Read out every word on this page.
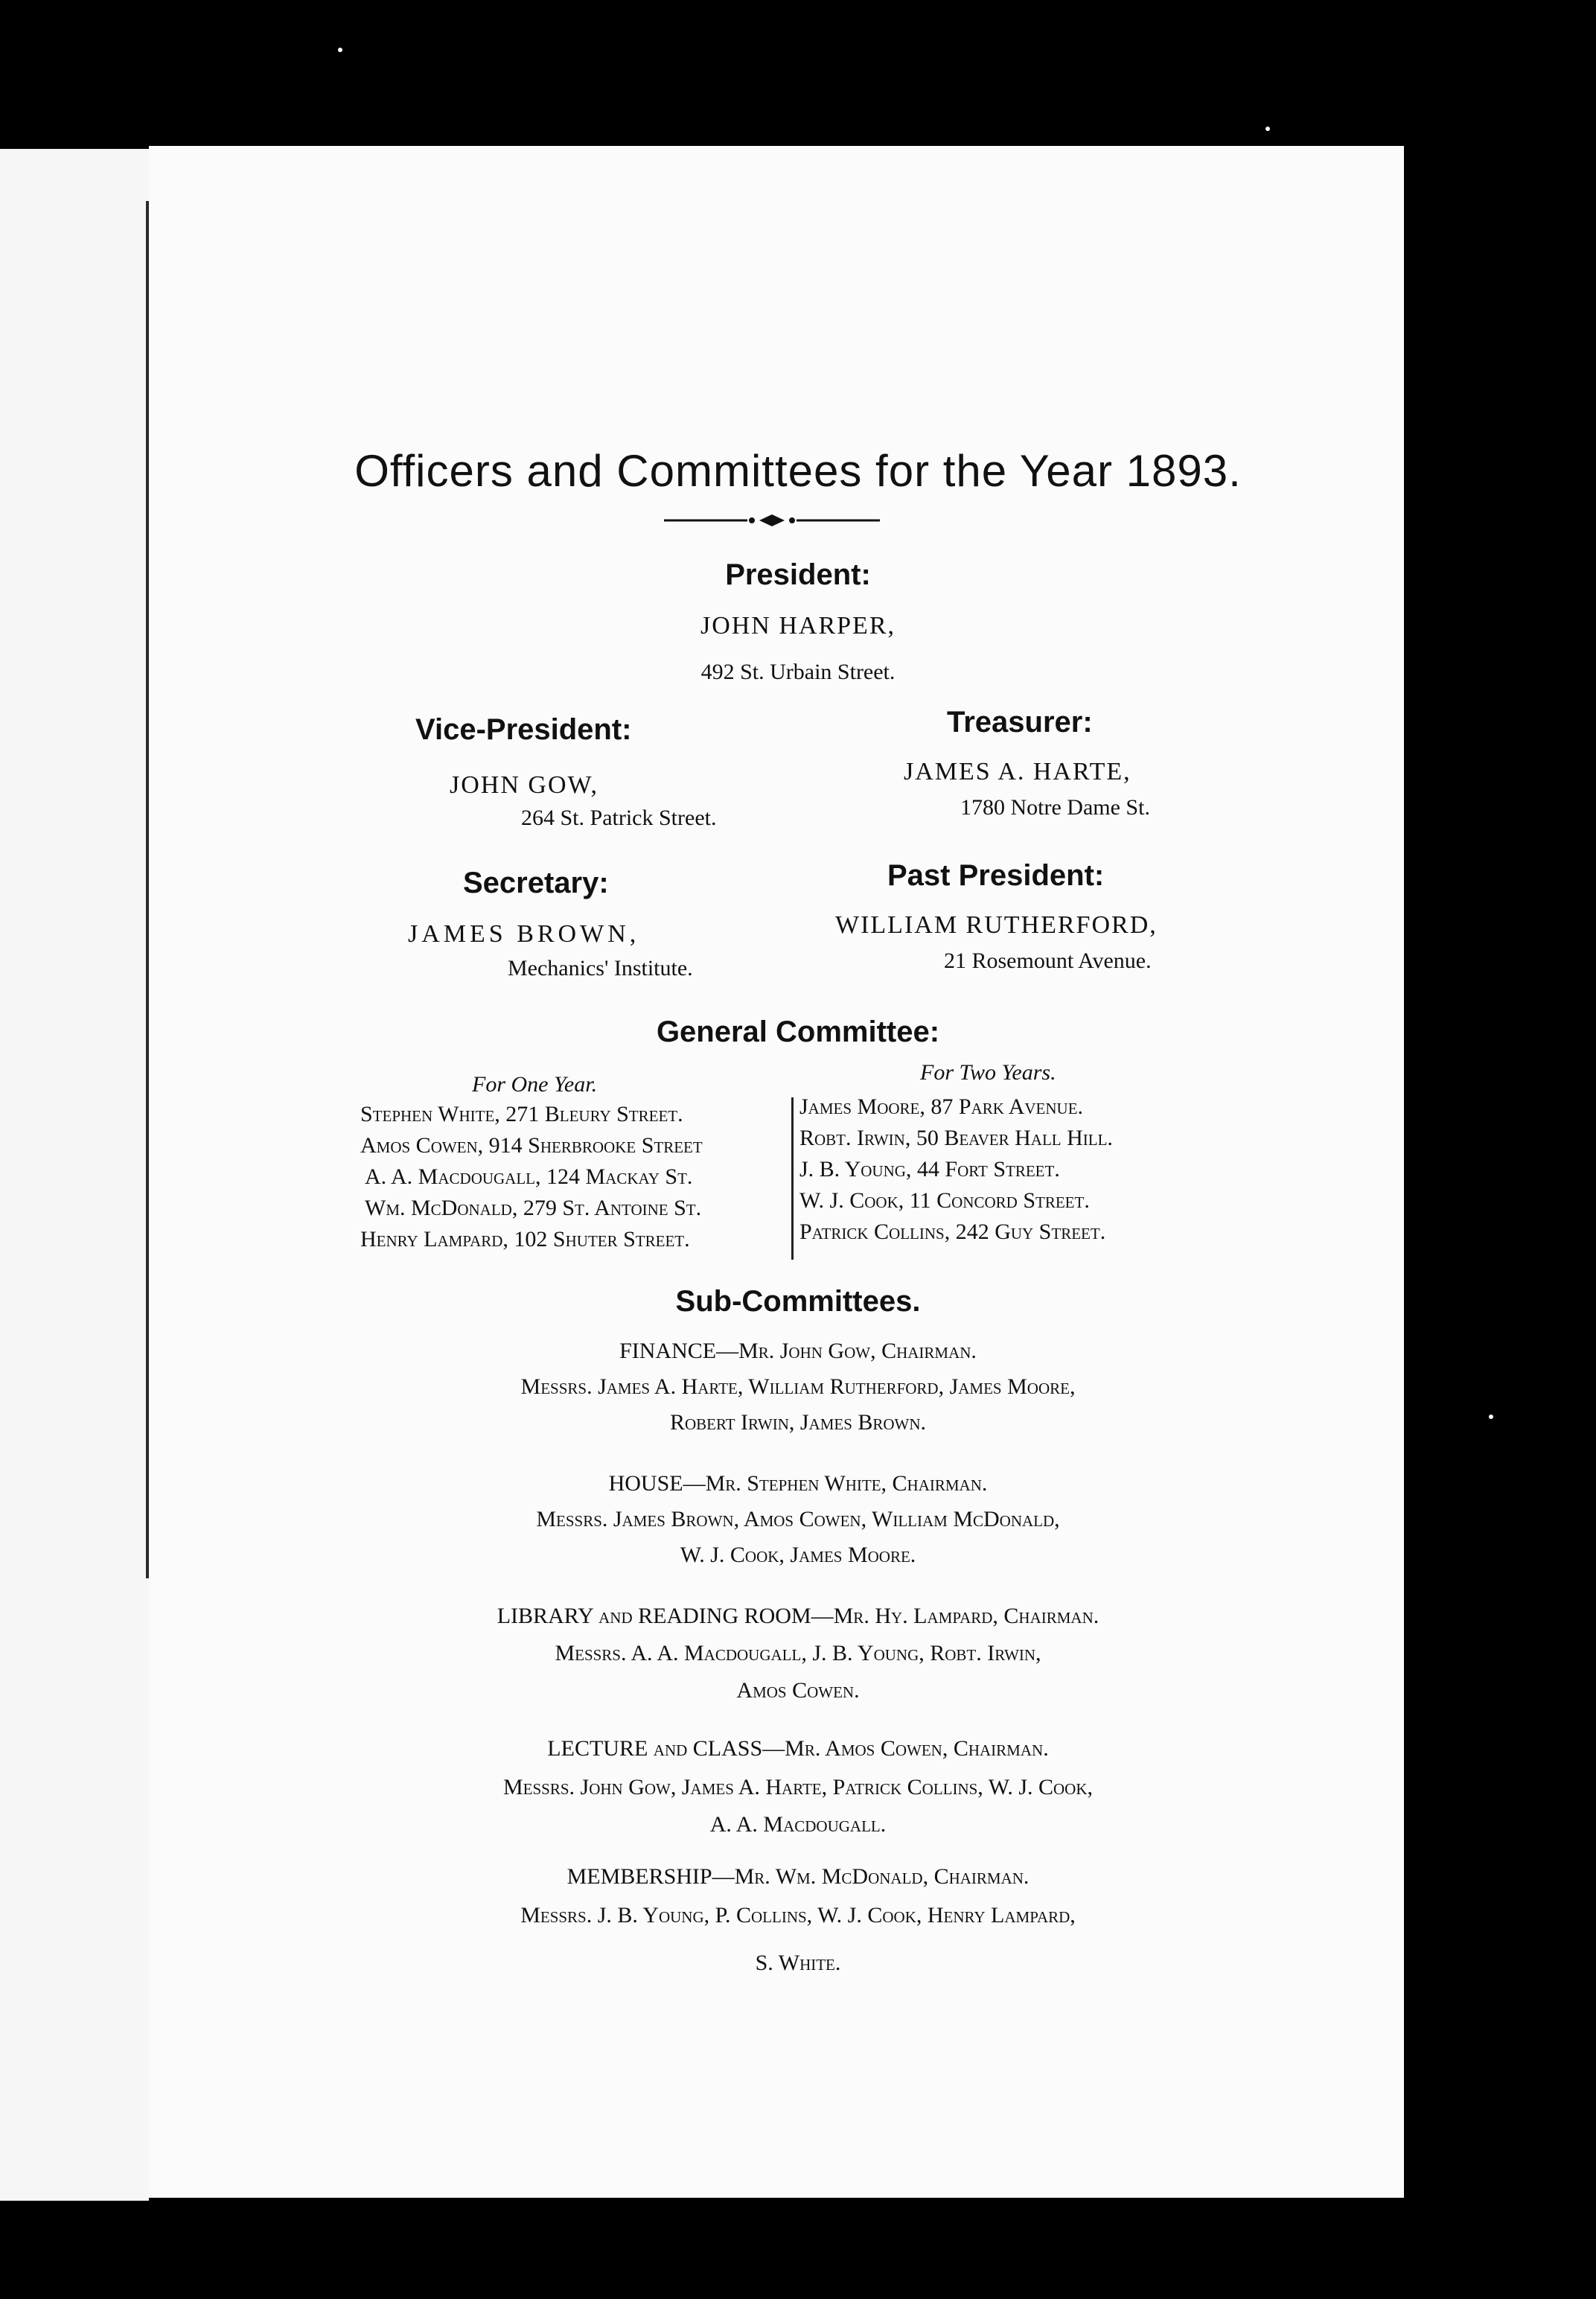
Officers and Committees for the Year 1893.
President:
JOHN HARPER,
492 St. Urbain Street.
Vice-President:
JOHN GOW,
264 St. Patrick Street.
Treasurer:
JAMES A. HARTE,
1780 Notre Dame St.
Secretary:
JAMES BROWN,
Mechanics' Institute.
Past President:
WILLIAM RUTHERFORD,
21 Rosemount Avenue.
General Committee:
For One Year.	For Two Years.
Stephen White, 271 Bleury Street.
Amos Cowen, 914 Sherbrooke Street
A. A. Macdougall, 124 Mackay St.
Wm. McDonald, 279 St. Antoine St.
Henry Lampard, 102 Shuter Street.
James Moore, 87 Park Avenue.
Robt. Irwin, 50 Beaver Hall Hill.
J. B. Young, 44 Fort Street.
W. J. Cook, 11 Concord Street.
Patrick Collins, 242 Guy Street.
Sub-Committees.
FINANCE—Mr. John Gow, Chairman.
Messrs. James A. Harte, William Rutherford, James Moore,
Robert Irwin, James Brown.
HOUSE—Mr. Stephen White, Chairman.
Messrs. James Brown, Amos Cowen, William McDonald,
W. J. Cook, James Moore.
LIBRARY and READING ROOM—Mr. Hy. Lampard, Chairman.
Messrs. A. A. Macdougall, J. B. Young, Robt. Irwin,
Amos Cowen.
LECTURE and CLASS—Mr. Amos Cowen, Chairman.
Messrs. John Gow, James A. Harte, Patrick Collins, W. J. Cook,
A. A. Macdougall.
MEMBERSHIP—Mr. Wm. McDonald, Chairman.
Messrs. J. B. Young, P. Collins, W. J. Cook, Henry Lampard,
S. White.
